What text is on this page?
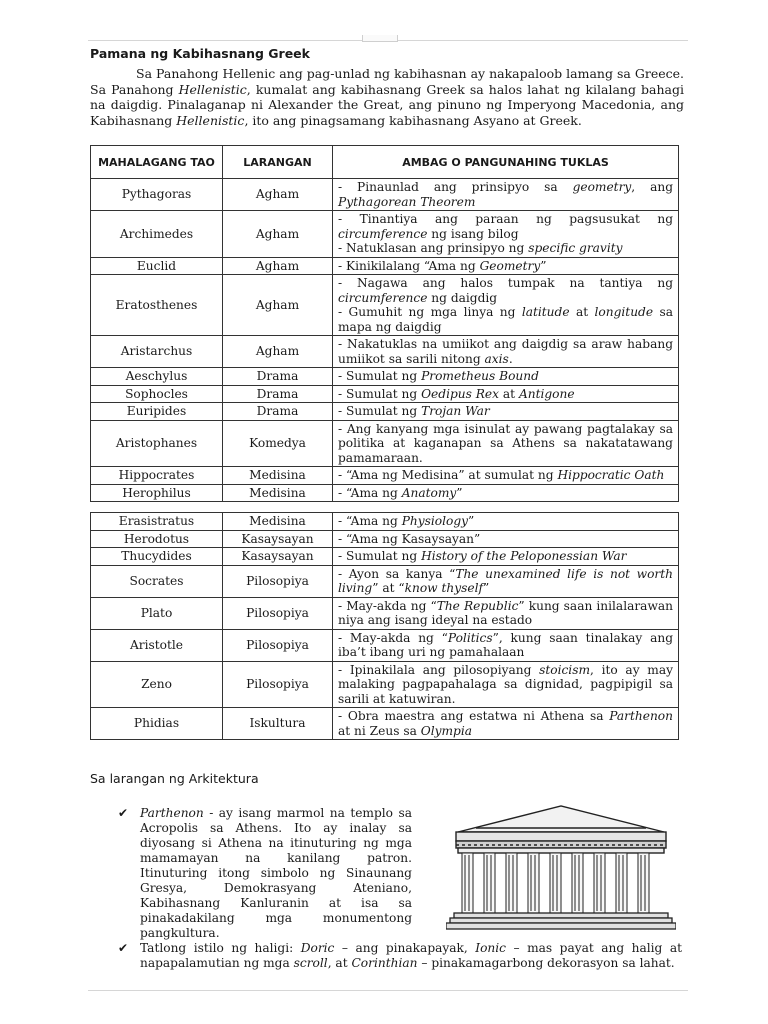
Pamana ng Kabihasnang Greek

Sa Panahong Hellenic ang pag-unlad ng kabihasnan ay nakapaloob lamang sa Greece. Sa Panahong Hellenistic, kumalat ang kabihasnang Greek sa halos lahat ng kilalang bahagi na daigdig. Pinalaganap ni Alexander the Great, ang pinuno ng Imperyong Macedonia, ang Kabihasnang Hellenistic, ito ang pinagsamang kabihasnang Asyano at Greek.

MAHALAGANG TAO	LARANGAN	AMBAG O PANGUNAHING TUKLAS
Pythagoras	Agham	- Pinaunlad ang prinsipyo sa geometry, ang Pythagorean Theorem

Archimedes	Agham	- Tinantiya ang paraan ng pagsusukat ng circumference ng isang bilog
- Natuklasan ang prinsipyo ng specific gravity

Euclid	Agham	- Kinikilalang “Ama ng Geometry”

Eratosthenes	Agham	- Nagawa ang halos tumpak na tantiya ng circumference ng daigdig
- Gumuhit ng mga linya ng latitude at longitude sa mapa ng daigdig

Aristarchus	Agham	- Nakatuklas na umiikot ang daigdig sa araw habang umiikot sa sarili nitong axis.

Aeschylus	Drama	- Sumulat ng Prometheus Bound

Sophocles	Drama	- Sumulat ng Oedipus Rex at Antigone

Euripides	Drama	- Sumulat ng Trojan War

Aristophanes	Komedya	- Ang kanyang mga isinulat ay pawang pagtalakay sa politika at kaganapan sa Athens sa nakatatawang pamamaraan.

Hippocrates	Medisina	- “Ama ng Medisina” at sumulat ng Hippocratic Oath

Herophilus	Medisina	- “Ama ng Anatomy”
Erasistratus	Medisina	- “Ama ng Physiology”

Herodotus	Kasaysayan	- “Ama ng Kasaysayan”

Thucydides	Kasaysayan	- Sumulat ng History of the Peloponessian War

Socrates	Pilosopiya	- Ayon sa kanya “The unexamined life is not worth living” at “know thyself”

Plato	Pilosopiya	- May-akda ng “The Republic” kung saan inilalarawan niya ang isang ideyal na estado

Aristotle	Pilosopiya	- May-akda ng “Politics”, kung saan tinalakay ang iba’t ibang uri ng pamahalaan

Zeno	Pilosopiya	- Ipinakilala ang pilosopiyang stoicism, ito ay may malaking pagpapahalaga sa dignidad, pagpipigil sa sarili at katuwiran.

Phidias	Iskultura	- Obra maestra ang estatwa ni Athena sa Parthenon at ni Zeus sa Olympia

Sa larangan ng Arkitektura

✔ Parthenon - ay isang marmol na templo sa Acropolis sa Athens. Ito ay inalay sa diyosang si Athena na itinuturing ng mga mamamayan na kanilang patron. Itinuturing itong simbolo ng Sinaunang Gresya, Demokrasyang Ateniano, Kabihasnang Kanluranin at isa sa pinakadakilang mga monumentong pangkultura.

✔ Tatlong istilo ng haligi: Doric – ang pinakapayak, Ionic – mas payat ang halig at napapalamutian ng mga scroll, at Corinthian – pinakamagarbong dekorasyon sa lahat.
